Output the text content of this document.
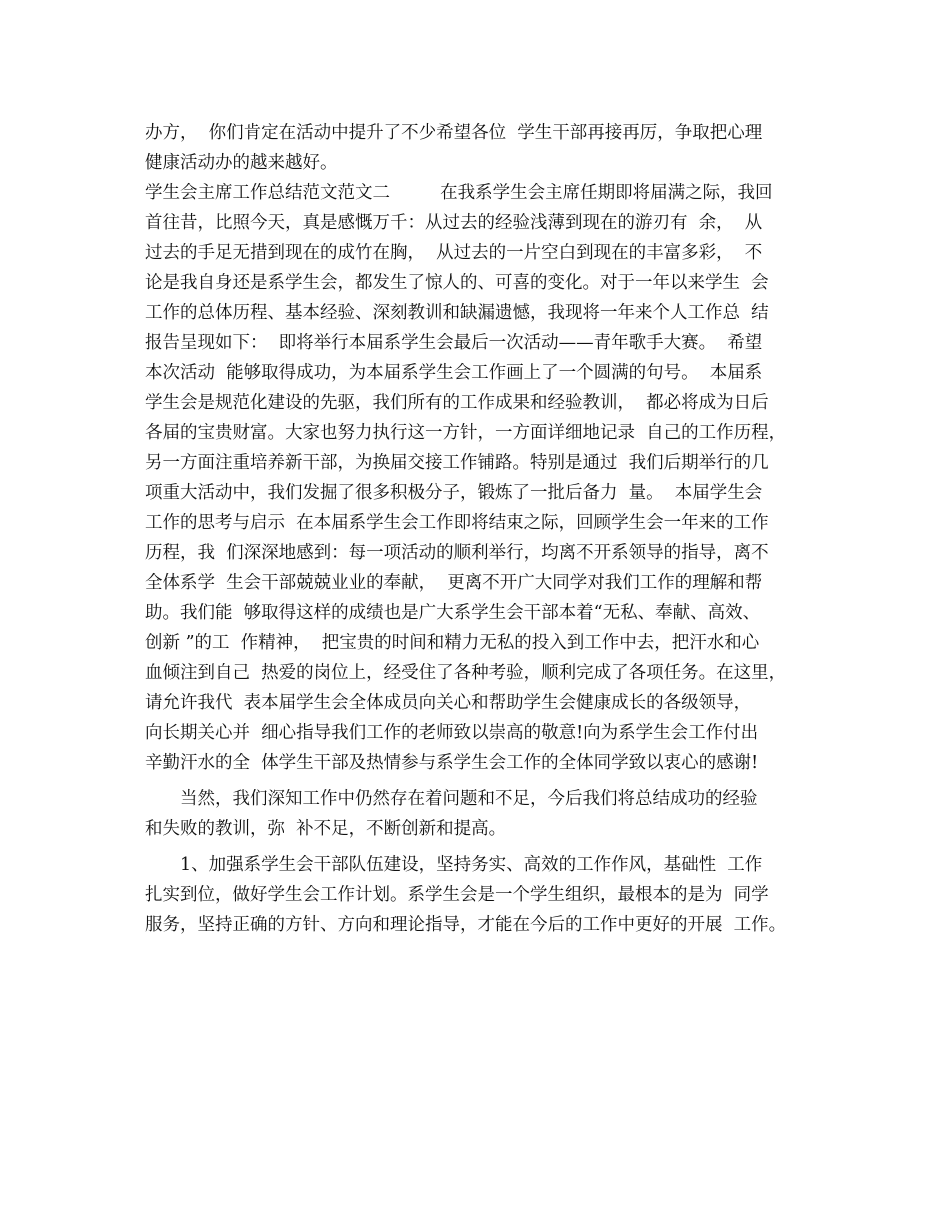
办方，  你们肯定在活动中提升了不少希望各位  学生干部再接再厉，争取把心理
健康活动办的越来越好。
学生会主席工作总结范文范文二         在我系学生会主席任期即将届满之际，我回
首往昔，比照今天，真是感慨万千：从过去的经验浅薄到现在的游刃有  余，  从
过去的手足无措到现在的成竹在胸，  从过去的一片空白到现在的丰富多彩，  不
论是我自身还是系学生会，都发生了惊人的、可喜的变化。对于一年以来学生  会
工作的总体历程、基本经验、深刻教训和缺漏遗憾，我现将一年来个人工作总  结
报告呈现如下：  即将举行本届系学生会最后一次活动——青年歌手大赛。  希望
本次活动  能够取得成功，为本届系学生会工作画上了一个圆满的句号。  本届系
学生会是规范化建设的先驱，我们所有的工作成果和经验教训，  都必将成为日后
各届的宝贵财富。大家也努力执行这一方针，一方面详细地记录  自己的工作历程，
另一方面注重培养新干部，为换届交接工作铺路。特别是通过  我们后期举行的几
项重大活动中，我们发掘了很多积极分子，锻炼了一批后备力  量。  本届学生会
工作的思考与启示  在本届系学生会工作即将结束之际，回顾学生会一年来的工作
历程，我  们深深地感到：每一项活动的顺利举行，均离不开系领导的指导，离不
全体系学  生会干部兢兢业业的奉献，  更离不开广大同学对我们工作的理解和帮
助。我们能  够取得这样的成绩也是广大系学生会干部本着“无私、奉献、高效、
创新 ”的工  作精神，  把宝贵的时间和精力无私的投入到工作中去，把汗水和心
血倾注到自己  热爱的岗位上，经受住了各种考验，顺利完成了各项任务。在这里，
请允许我代  表本届学生会全体成员向关心和帮助学生会健康成长的各级领导，
向长期关心并  细心指导我们工作的老师致以崇高的敬意!向为系学生会工作付出
辛勤汗水的全  体学生干部及热情参与系学生会工作的全体同学致以衷心的感谢!
当然，我们深知工作中仍然存在着问题和不足，今后我们将总结成功的经验
和失败的教训，弥  补不足，不断创新和提高。
1、加强系学生会干部队伍建设，坚持务实、高效的工作作风，基础性  工作
扎实到位，做好学生会工作计划。系学生会是一个学生组织，最根本的是为  同学
服务，坚持正确的方针、方向和理论指导，才能在今后的工作中更好的开展  工作。
